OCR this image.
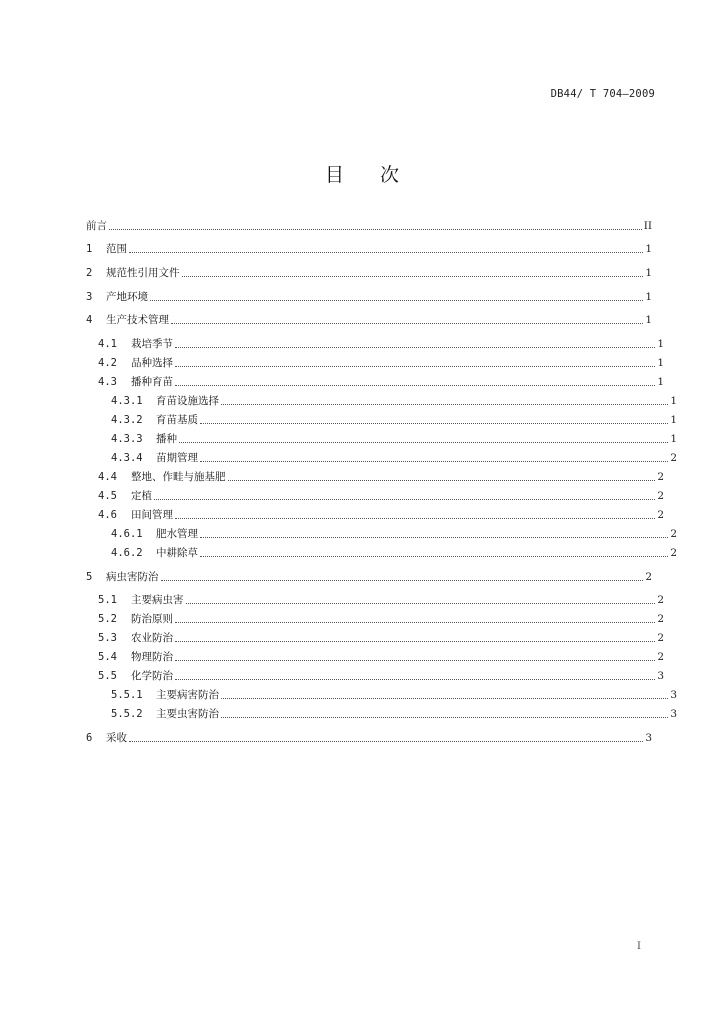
DB44/ T 704—2009
目 次
前言	II
1	范围	1
2	规范性引用文件	1
3	产地环境	1
4	生产技术管理	1
4.1	栽培季节	1
4.2	品种选择	1
4.3	播种育苗	1
4.3.1	育苗设施选择	1
4.3.2	育苗基质	1
4.3.3	播种	1
4.3.4	苗期管理	2
4.4	整地、作畦与施基肥	2
4.5	定植	2
4.6	田间管理	2
4.6.1	肥水管理	2
4.6.2	中耕除草	2
5	病虫害防治	2
5.1	主要病虫害	2
5.2	防治原则	2
5.3	农业防治	2
5.4	物理防治	2
5.5	化学防治	3
5.5.1	主要病害防治	3
5.5.2	主要虫害防治	3
6	采收	3
I
